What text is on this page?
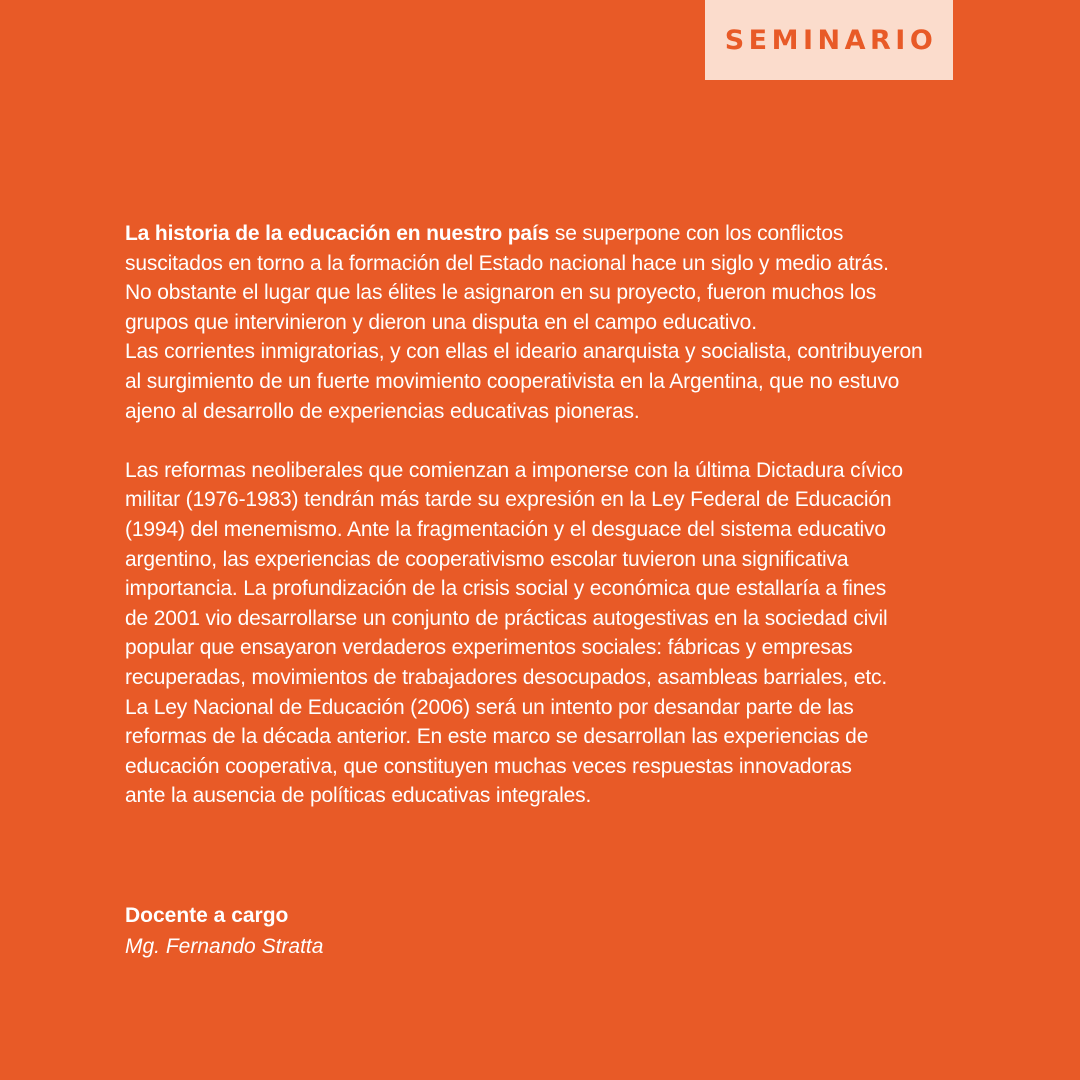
SEMINARIO

La historia de la educación en nuestro país se superpone con los conflictos
suscitados en torno a la formación del Estado nacional hace un siglo y medio atrás.
No obstante el lugar que las élites le asignaron en su proyecto, fueron muchos los
grupos que intervinieron y dieron una disputa en el campo educativo.
Las corrientes inmigratorias, y con ellas el ideario anarquista y socialista, contribuyeron
al surgimiento de un fuerte movimiento cooperativista en la Argentina, que no estuvo
ajeno al desarrollo de experiencias educativas pioneras.

Las reformas neoliberales que comienzan a imponerse con la última Dictadura cívico
militar (1976-1983) tendrán más tarde su expresión en la Ley Federal de Educación
(1994) del menemismo. Ante la fragmentación y el desguace del sistema educativo
argentino, las experiencias de cooperativismo escolar tuvieron una significativa
importancia. La profundización de la crisis social y económica que estallaría a fines
de 2001 vio desarrollarse un conjunto de prácticas autogestivas en la sociedad civil
popular que ensayaron verdaderos experimentos sociales: fábricas y empresas
recuperadas, movimientos de trabajadores desocupados, asambleas barriales, etc.
La Ley Nacional de Educación (2006) será un intento por desandar parte de las
reformas de la década anterior. En este marco se desarrollan las experiencias de
educación cooperativa, que constituyen muchas veces respuestas innovadoras
ante la ausencia de políticas educativas integrales.

Docente a cargo
Mg. Fernando Stratta
